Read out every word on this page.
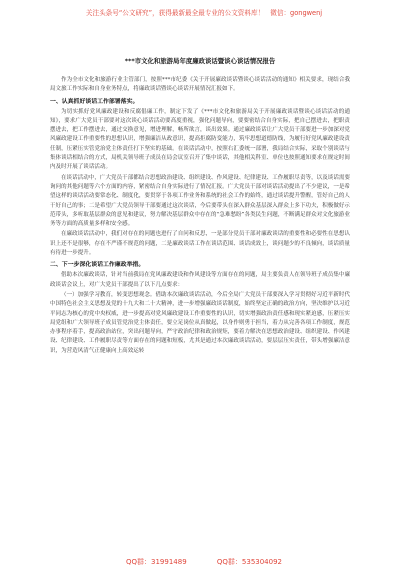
关注头条号“公文研究”，获得最新最全最专业的公文资料库！ 微信：gongwenj
***市文化和旅游局年度廉政谈话暨谈心谈话情况报告
作为全市文化和旅游行业主管部门，按照***市纪委《关于开展廉政谈话暨谈心谈话活动的通知》相关要求，现结合我局文旅工作实际和自身业务特点，将廉政谈话暨谈心谈话开展情况汇报如下。
一、认真抓好谈话工作部署落实。
为切实抓好党风廉政建设和反腐倡廉工作，制定下发了《***市文化和旅游局关于开展廉政谈话暨谈心谈话活动的通知》，要求广大党员干部要对这次谈心谈话活动要高度重视，强化问题导向，要要密结合自身实际，把自己摆进去，把职责摆进去，把工作摆进去，通过交换意见，增进理解，畅所欲言，谈出效果。通过廉政谈话让广大党员干部要进一步加深对党风廉政建设工作重要性的思想认识，增强廉洁从政意识，提高拒腐防变能力，筑牢思想道德防线，为履行好党风廉政建设责任制，压紧压实管党治党主体责任打下坚实的基础。在谈话活动中，按照右汇委统一部署，我局结合实际，采取个别谈话与集体谈话相结合的方式，局机关领导班子成员在局会议室召开了集中谈话，其他相关科室、单位也按照通知要求在规定时间内及时开展了谈话活动。
在谈话活动中，广大党员干部都结合思想政治建设、组织建设、作风建设、纪律建设、工作履职尽责等，以及谈话需要询问的其他问题等六个方面的内容，紧密结合自身实际进行了情况汇报。广大党员干部对谈话活动提出了不少建议，一是希望这样的谈话活动要常态化、制度化，要贯穿于各项工作业务和系统的社会工作的始终，通过谈话提升警醒，管好自己的人干好自己的事；二是希望广大党员领导干部要通过这次谈话，今后要带头在深入群众基层深入群众上多下功夫，积极做好示范带头，多听取基层群众的意见和建议，努力解决基层群众中存在的“急难愁盼”各类民生问题，不断满足群众对文化旅游业务等方面的高质量多样和安全感。
在廉政谈话活动中，我们对存在的问题也进行了自问和反思，一是部分党员干部对廉政谈话的重要性和必要性在思想认识上还不是很够，存在不严谨不规范的问题，二是廉政谈话工作在谈话范围、谈话成效上，谈问题少的不良倾向，谈话质量有待进一步提升。
二、下一步深化谈话工作廉政举措。
借助本次廉政谈话，针对当前我局在党风廉政建设和作风建设等方面存在的问题，局主要负责人在领导班子成员集中廉政谈话会议上，对广大党员干部提出了以下几点要求：
（一）加强学习教育，转变思想观念。借助本次廉政谈话活动，今后全局广大党员干部要深入学习贯彻好习近平新时代中国特色社会主义思想及党的十九大和二十大精神，进一步增强廉政谈话制度，始终坚定正确的政治方向，坚决维护以习近平同志为核心的党中央权威，进一步提高对党风廉政建设工作重要性的认识，切实增强政治责任感和现实紧迫感，压紧压实局党组和广大领导班子成员管党治党主体责任，要立足岗位从真做起，以身作则勇于担当，着力从完善各项工作制度，规范办事程序着手，提高政治站位，突出问题导向，严守政治纪律和政治规矩，要着力解决在思想政治建设、组织建设、作风建设、纪律建设、工作履职尽责等方面存在的问题和短板，尤其是通过本次廉政谈话活动，要层层压实责任，带头增强廉洁意识，为营造风清气正健康向上高效运转
QQ群：31991489	QQ群：535304092
